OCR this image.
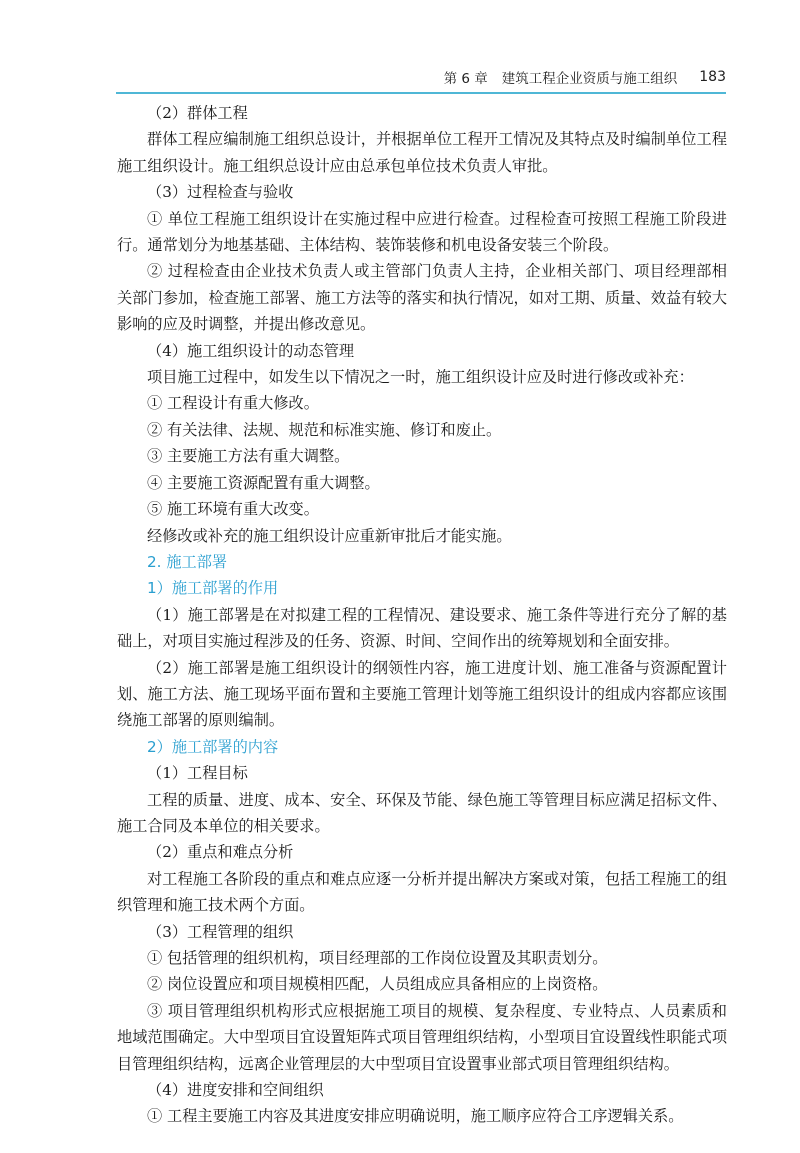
第 6 章 建筑工程企业资质与施工组织 183

（2）群体工程

群体工程应编制施工组织总设计，并根据单位工程开工情况及其特点及时编制单位工程施工组织设计。施工组织总设计应由总承包单位技术负责人审批。

（3）过程检查与验收

① 单位工程施工组织设计在实施过程中应进行检查。过程检查可按照工程施工阶段进行。通常划分为地基基础、主体结构、装饰装修和机电设备安装三个阶段。

② 过程检查由企业技术负责人或主管部门负责人主持，企业相关部门、项目经理部相关部门参加，检查施工部署、施工方法等的落实和执行情况，如对工期、质量、效益有较大影响的应及时调整，并提出修改意见。

（4）施工组织设计的动态管理

项目施工过程中，如发生以下情况之一时，施工组织设计应及时进行修改或补充：

① 工程设计有重大修改。

② 有关法律、法规、规范和标准实施、修订和废止。

③ 主要施工方法有重大调整。

④ 主要施工资源配置有重大调整。

⑤ 施工环境有重大改变。

经修改或补充的施工组织设计应重新审批后才能实施。

2. 施工部署

1）施工部署的作用

（1）施工部署是在对拟建工程的工程情况、建设要求、施工条件等进行充分了解的基础上，对项目实施过程涉及的任务、资源、时间、空间作出的统筹规划和全面安排。

（2）施工部署是施工组织设计的纲领性内容，施工进度计划、施工准备与资源配置计划、施工方法、施工现场平面布置和主要施工管理计划等施工组织设计的组成内容都应该围绕施工部署的原则编制。

2）施工部署的内容

（1）工程目标

工程的质量、进度、成本、安全、环保及节能、绿色施工等管理目标应满足招标文件、施工合同及本单位的相关要求。

（2）重点和难点分析

对工程施工各阶段的重点和难点应逐一分析并提出解决方案或对策，包括工程施工的组织管理和施工技术两个方面。

（3）工程管理的组织

① 包括管理的组织机构，项目经理部的工作岗位设置及其职责划分。

② 岗位设置应和项目规模相匹配，人员组成应具备相应的上岗资格。

③ 项目管理组织机构形式应根据施工项目的规模、复杂程度、专业特点、人员素质和地域范围确定。大中型项目宜设置矩阵式项目管理组织结构，小型项目宜设置线性职能式项目管理组织结构，远离企业管理层的大中型项目宜设置事业部式项目管理组织结构。

（4）进度安排和空间组织

① 工程主要施工内容及其进度安排应明确说明，施工顺序应符合工序逻辑关系。
